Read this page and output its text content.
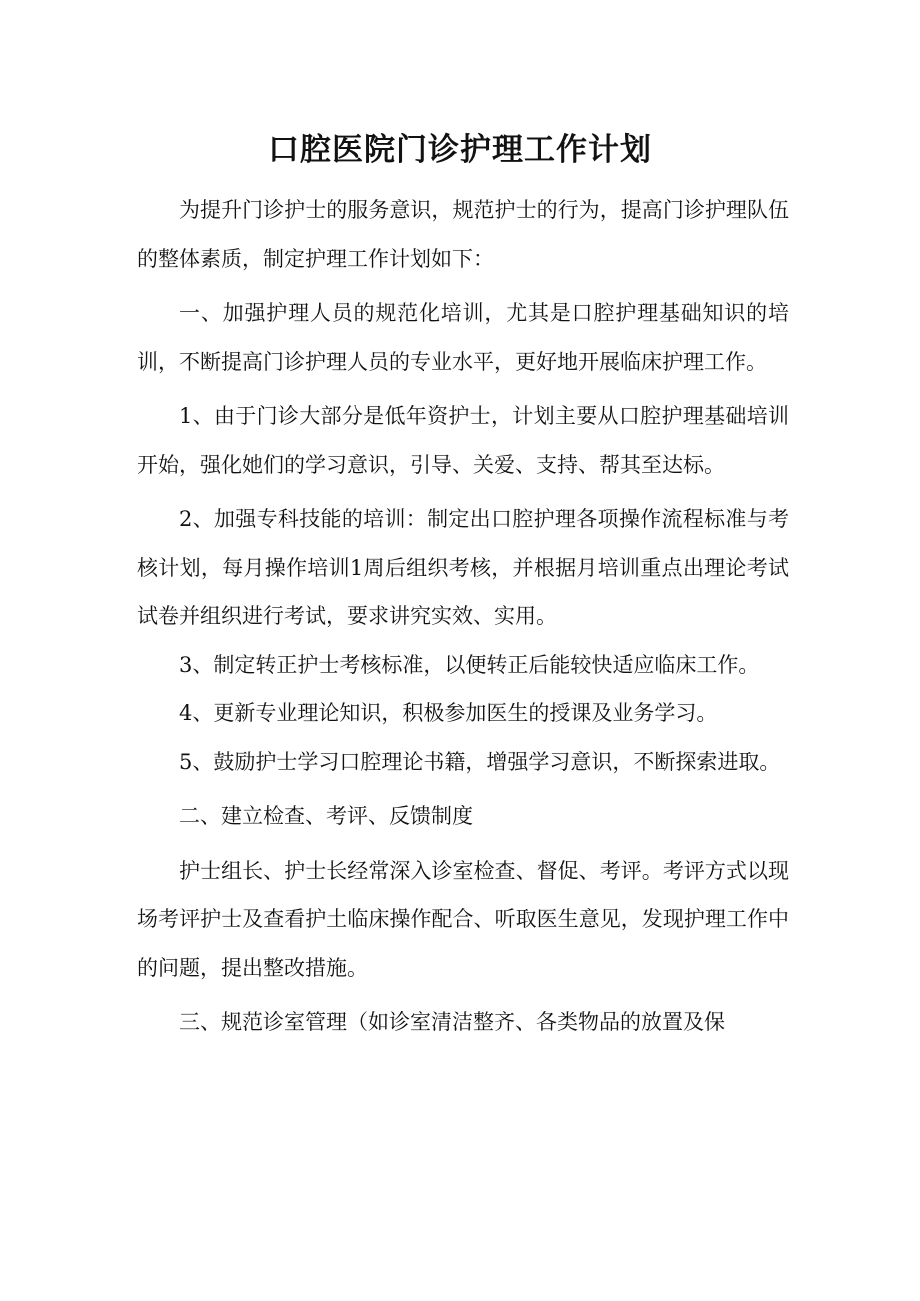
口腔医院门诊护理工作计划

为提升门诊护士的服务意识，规范护士的行为，提高门诊护理队伍的整体素质，制定护理工作计划如下：

一、加强护理人员的规范化培训，尤其是口腔护理基础知识的培训，不断提高门诊护理人员的专业水平，更好地开展临床护理工作。

1、由于门诊大部分是低年资护士，计划主要从口腔护理基础培训开始，强化她们的学习意识，引导、关爱、支持、帮其至达标。

2、加强专科技能的培训：制定出口腔护理各项操作流程标准与考核计划，每月操作培训1周后组织考核，并根据月培训重点出理论考试试卷并组织进行考试，要求讲究实效、实用。

3、制定转正护士考核标准，以便转正后能较快适应临床工作。

4、更新专业理论知识，积极参加医生的授课及业务学习。

5、鼓励护士学习口腔理论书籍，增强学习意识，不断探索进取。

二、建立检查、考评、反馈制度

护士组长、护士长经常深入诊室检查、督促、考评。考评方式以现场考评护士及查看护土临床操作配合、听取医生意见，发现护理工作中的问题，提出整改措施。

三、规范诊室管理（如诊室清洁整齐、各类物品的放置及保
